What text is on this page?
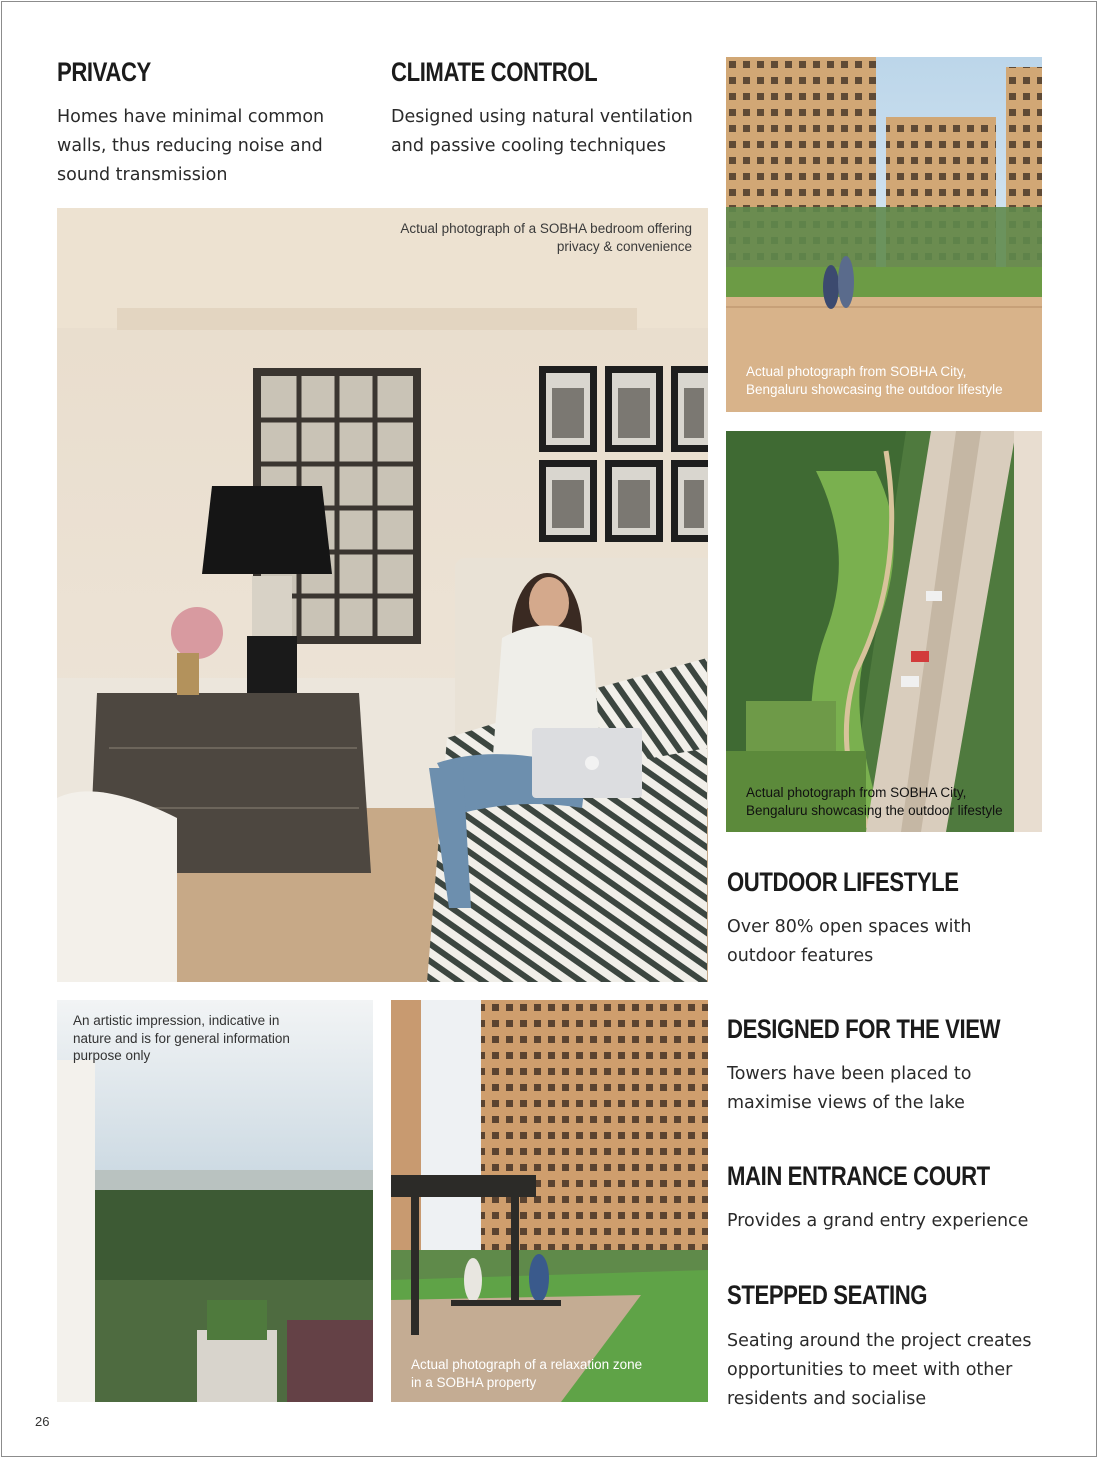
PRIVACY
Homes have minimal common
walls, thus reducing noise and
sound transmission
CLIMATE CONTROL
Designed using natural ventilation
and passive cooling techniques
Actual photograph of a SOBHA bedroom offering
privacy & convenience
Actual photograph from SOBHA City,
Bengaluru showcasing the outdoor lifestyle
Actual photograph from SOBHA City,
Bengaluru showcasing the outdoor lifestyle
OUTDOOR LIFESTYLE
Over 80% open spaces with
outdoor features
DESIGNED FOR THE VIEW
Towers have been placed to
maximise views of the lake
MAIN ENTRANCE COURT
Provides a grand entry experience
STEPPED SEATING
Seating around the project creates
opportunities to meet with other
residents and socialise
An artistic impression, indicative in
nature and is for general information
purpose only
Actual photograph of a relaxation zone
in a SOBHA property
26
